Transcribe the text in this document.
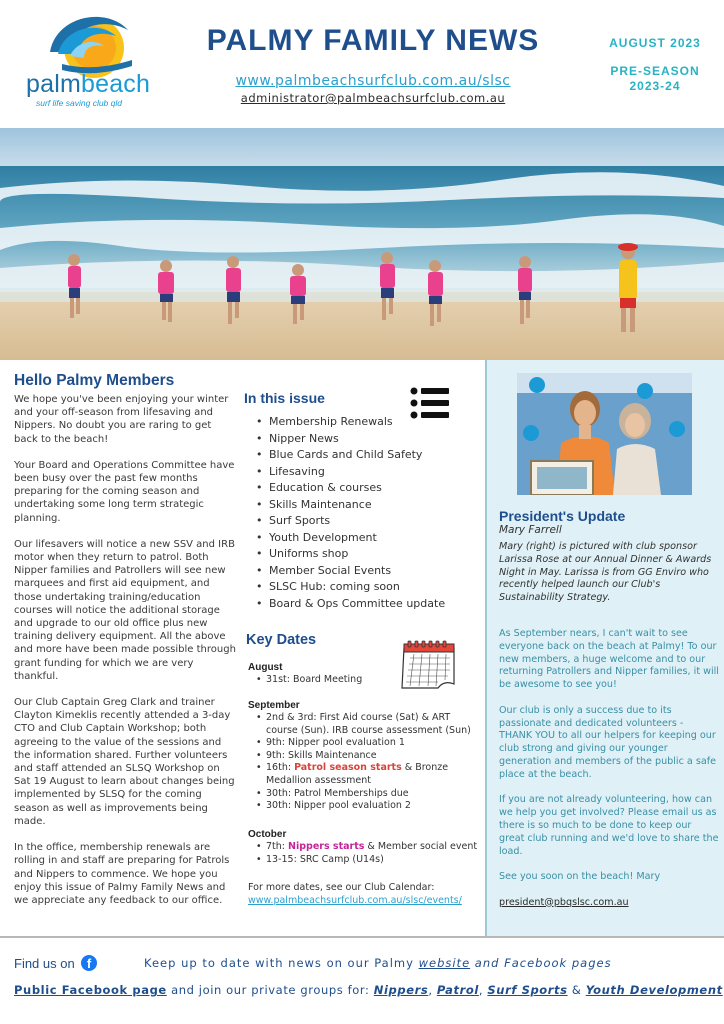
palmbeach
surf life saving club qld
PALMY FAMILY NEWS
www.palmbeachsurfclub.com.au/slsc
administrator@palmbeachsurfclub.com.au
AUGUST 2023
PRE-SEASON
2023-24
Hello Palmy Members

We hope you've been enjoying your winter and your off-season from lifesaving and Nippers. No doubt you are raring to get back to the beach!

Your Board and Operations Committee have been busy over the past few months preparing for the coming season and undertaking some long term strategic planning.

Our lifesavers will notice a new SSV and IRB motor when they return to patrol. Both Nipper families and Patrollers will see new marquees and first aid equipment, and those undertaking training/education courses will notice the additional storage and upgrade to our old office plus new training delivery equipment. All the above and more have been made possible through grant funding for which we are very thankful.

Our Club Captain Greg Clark and trainer Clayton Kimeklis recently attended a 3-day CTO and Club Captain Workshop; both agreeing to the value of the sessions and the information shared. Further volunteers and staff attended an SLSQ Workshop on Sat 19 August to learn about changes being implemented by SLSQ for the coming season as well as improvements being made.

In the office, membership renewals are rolling in and staff are preparing for Patrols and Nippers to commence. We hope you enjoy this issue of Palmy Family News and we appreciate any feedback to our office.

In this issue
• Membership Renewals
• Nipper News
• Blue Cards and Child Safety
• Lifesaving
• Education & courses
• Skills Maintenance
• Surf Sports
• Youth Development
• Uniforms shop
• Member Social Events
• SLSC Hub: coming soon
• Board & Ops Committee update
Key Dates
August
• 31st: Board Meeting
September
• 2nd & 3rd: First Aid course (Sat) & ART course (Sun). IRB course assessment (Sun)
• 9th: Nipper pool evaluation 1
• 9th: Skills Maintenance
• 16th: Patrol season starts & Bronze Medallion assessment
• 30th: Patrol Memberships due
• 30th: Nipper pool evaluation 2
October
• 7th: Nippers starts & Member social event
• 13-15: SRC Camp (U14s)
For more dates, see our Club Calendar:
www.palmbeachsurfclub.com.au/slsc/events/
President's Update
Mary Farrell
Mary (right) is pictured with club sponsor Larissa Rose at our Annual Dinner & Awards Night in May. Larissa is from GG Enviro who recently helped launch our Club's Sustainability Strategy.

As September nears, I can't wait to see everyone back on the beach at Palmy! To our new members, a huge welcome and to our returning Patrollers and Nipper families, it will be awesome to see you!

Our club is only a success due to its passionate and dedicated volunteers - THANK YOU to all our helpers for keeping our club strong and giving our younger generation and members of the public a safe place at the beach.

If you are not already volunteering, how can we help you get involved? Please email us as there is so much to be done to keep our great club running and we'd love to share the load.

See you soon on the beach! Mary

president@pbqslsc.com.au

Find us on f	Keep up to date with news on our Palmy website and Facebook pages
Public Facebook page and join our private groups for: Nippers, Patrol, Surf Sports & Youth Development
